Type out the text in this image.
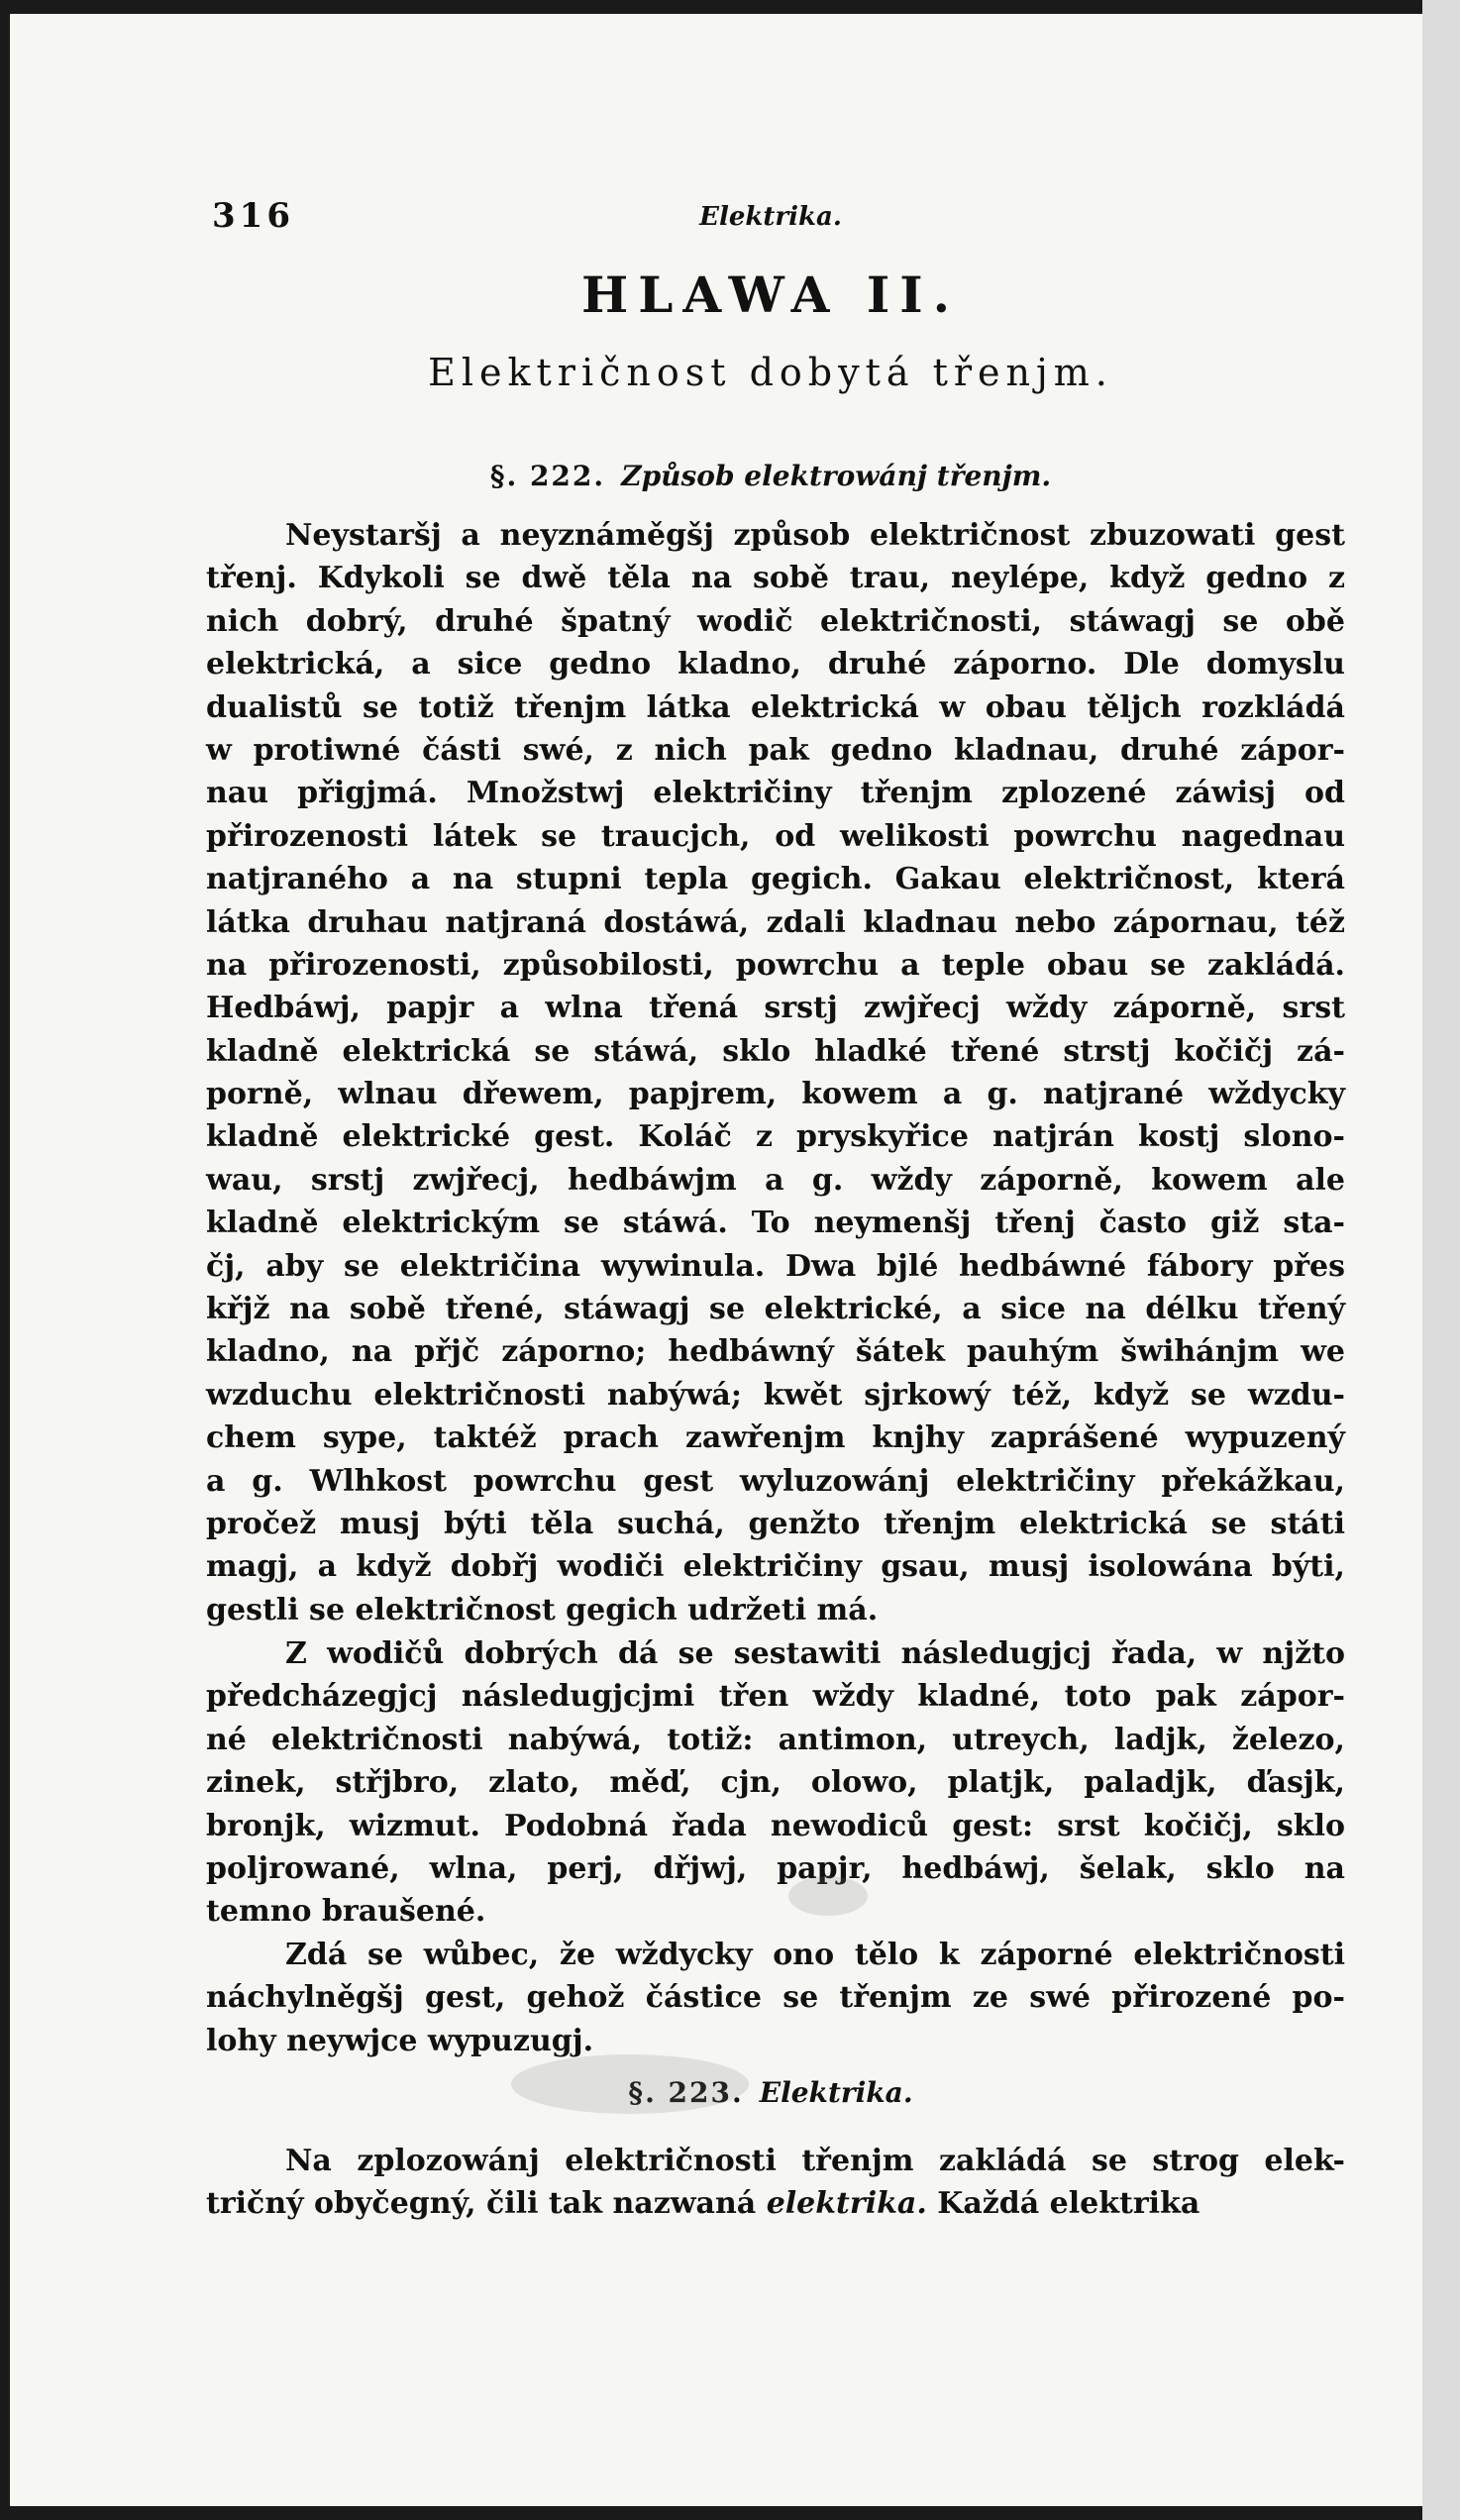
316	Elektrika.
HLAWA II.
Električnost dobytá třenjm.
§. 222. Způsob elektrowánj třenjm.
Neystaršj a neyznáměgšj způsob električnost zbuzowati gest
třenj. Kdykoli se dwě těla na sobě trau, neylépe, když gedno z
nich dobrý, druhé špatný wodič električnosti, stáwagj se obě
elektrická, a sice gedno kladno, druhé záporno. Dle domyslu
dualistů se totiž třenjm látka elektrická w obau těljch rozkládá
w protiwné části swé, z nich pak gedno kladnau, druhé zápor-
nau přigjmá. Množstwj električiny třenjm zplozené záwisj od
přirozenosti látek se traucjch, od welikosti powrchu nagednau
natjraného a na stupni tepla gegich. Gakau električnost, která
látka druhau natjraná dostáwá, zdali kladnau nebo zápornau, též
na přirozenosti, způsobilosti, powrchu a teple obau se zakládá.
Hedbáwj, papjr a wlna třená srstj zwjřecj wždy záporně, srst
kladně elektrická se stáwá, sklo hladké třené strstj kočičj zá-
porně, wlnau dřewem, papjrem, kowem a g. natjrané wždycky
kladně elektrické gest. Koláč z pryskyřice natjrán kostj slono-
wau, srstj zwjřecj, hedbáwjm a g. wždy záporně, kowem ale
kladně elektrickým se stáwá. To neymenšj třenj často giž sta-
čj, aby se električina wywinula. Dwa bjlé hedbáwné fábory přes
křjž na sobě třené, stáwagj se elektrické, a sice na délku třený
kladno, na přjč záporno; hedbáwný šátek pauhým šwihánjm we
wzduchu električnosti nabýwá; kwět sjrkowý též, když se wzdu-
chem sype, taktéž prach zawřenjm knjhy zaprášené wypuzený
a g. Wlhkost powrchu gest wyluzowánj električiny překážkau,
pročež musj býti těla suchá, genžto třenjm elektrická se státi
magj, a když dobřj wodiči električiny gsau, musj isolowána býti,
gestli se električnost gegich udržeti má.
Z wodičů dobrých dá se sestawiti následugjcj řada, w njžto
předcházegjcj následugjcjmi třen wždy kladné, toto pak zápor-
né električnosti nabýwá, totiž: antimon, utreych, ladjk, železo,
zinek, střjbro, zlato, měď, cjn, olowo, platjk, paladjk, ďasjk,
bronjk, wizmut. Podobná řada newodiců gest: srst kočičj, sklo
poljrowané, wlna, perj, dřjwj, papjr, hedbáwj, šelak, sklo na
temno braušené.
Zdá se wůbec, že wždycky ono tělo k záporné električnosti
náchylněgšj gest, gehož částice se třenjm ze swé přirozené po-
lohy neywjce wypuzugj.
§. 223. Elektrika.
Na zplozowánj električnosti třenjm zakládá se strog elek-
tričný obyčegný, čili tak nazwaná elektrika. Každá elektrika
